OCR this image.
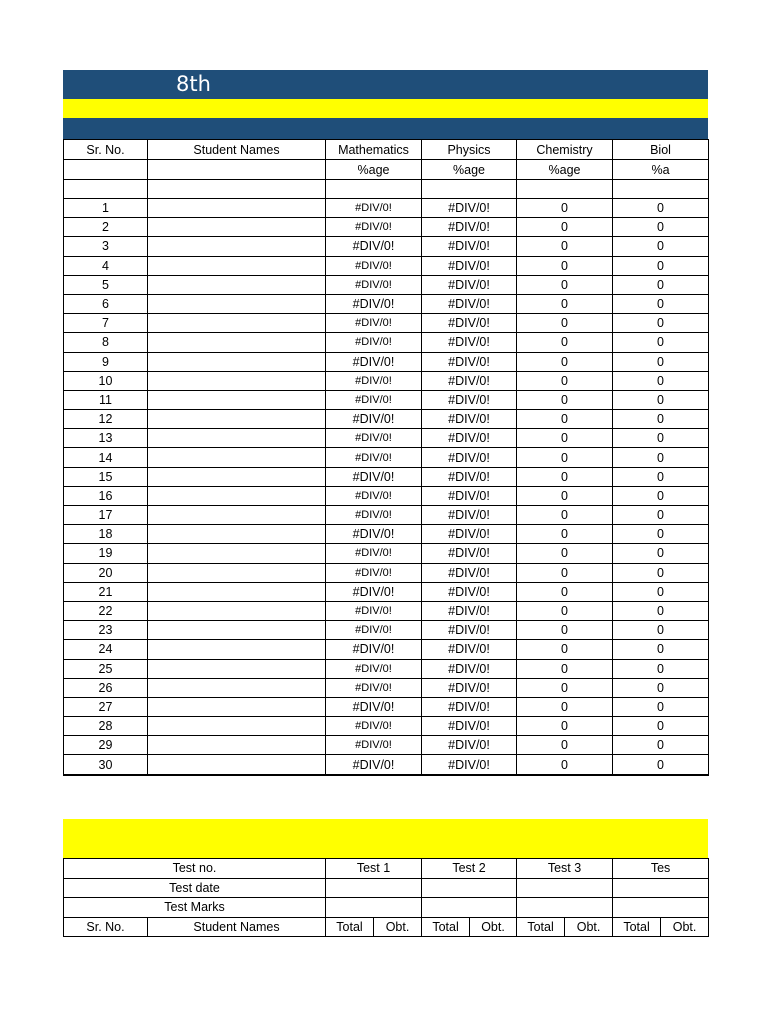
8th
Sr. No.	Student Names	Mathematics	Physics	Chemistry	Biol
		%age	%age	%age	%a

1		#DIV/0!	#DIV/0!	0	0
2		#DIV/0!	#DIV/0!	0	0
3		#DIV/0!	#DIV/0!	0	0
4		#DIV/0!	#DIV/0!	0	0
5		#DIV/0!	#DIV/0!	0	0
6		#DIV/0!	#DIV/0!	0	0
7		#DIV/0!	#DIV/0!	0	0
8		#DIV/0!	#DIV/0!	0	0
9		#DIV/0!	#DIV/0!	0	0
10		#DIV/0!	#DIV/0!	0	0
11		#DIV/0!	#DIV/0!	0	0
12		#DIV/0!	#DIV/0!	0	0
13		#DIV/0!	#DIV/0!	0	0
14		#DIV/0!	#DIV/0!	0	0
15		#DIV/0!	#DIV/0!	0	0
16		#DIV/0!	#DIV/0!	0	0
17		#DIV/0!	#DIV/0!	0	0
18		#DIV/0!	#DIV/0!	0	0
19		#DIV/0!	#DIV/0!	0	0
20		#DIV/0!	#DIV/0!	0	0
21		#DIV/0!	#DIV/0!	0	0
22		#DIV/0!	#DIV/0!	0	0
23		#DIV/0!	#DIV/0!	0	0
24		#DIV/0!	#DIV/0!	0	0
25		#DIV/0!	#DIV/0!	0	0
26		#DIV/0!	#DIV/0!	0	0
27		#DIV/0!	#DIV/0!	0	0
28		#DIV/0!	#DIV/0!	0	0
29		#DIV/0!	#DIV/0!	0	0
30		#DIV/0!	#DIV/0!	0	0
Test no.		Test 1		Test 2		Test 3		Tes	
Test date									
Test Marks									
Sr. No.	Student Names	Total	Obt.	Total	Obt.	Total	Obt.	Total	Obt.
